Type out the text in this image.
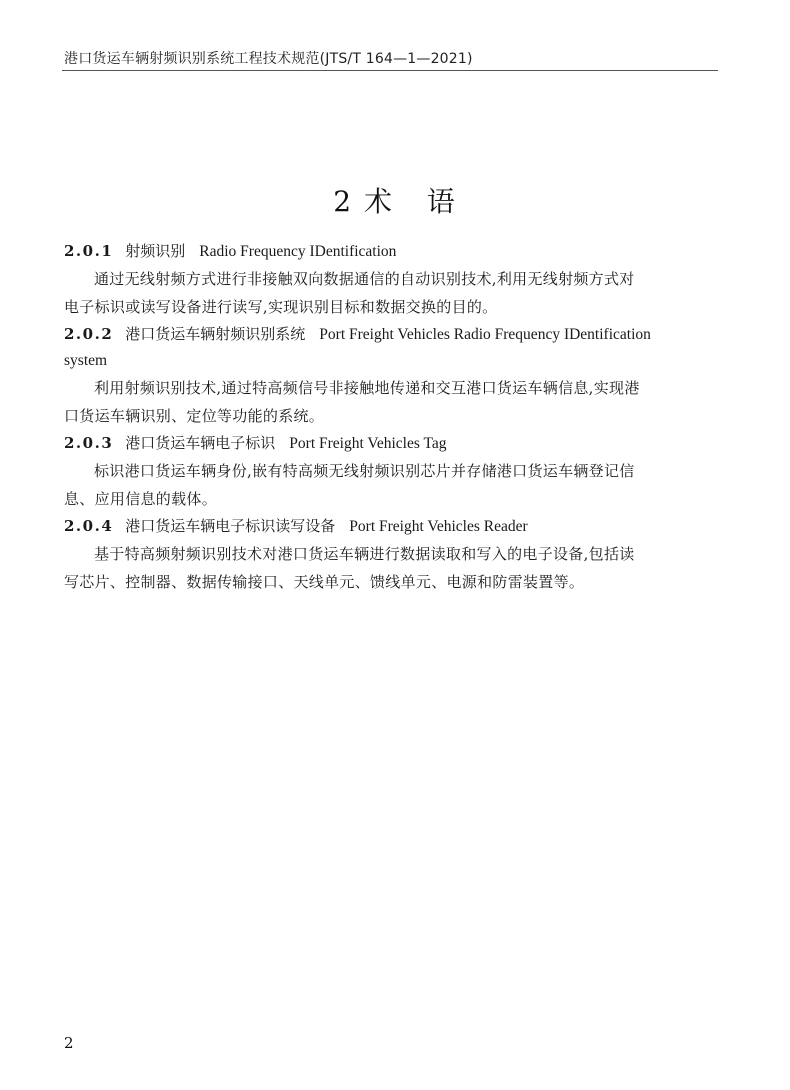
港口货运车辆射频识别系统工程技术规范(JTS/T 164—1—2021)
2 术   语
2.0.1 射频识别 Radio Frequency IDentification

通过无线射频方式进行非接触双向数据通信的自动识别技术,利用无线射频方式对
电子标识或读写设备进行读写,实现识别目标和数据交换的目的。

2.0.2 港口货运车辆射频识别系统 Port Freight Vehicles Radio Frequency IDentification
system

利用射频识别技术,通过特高频信号非接触地传递和交互港口货运车辆信息,实现港
口货运车辆识别、定位等功能的系统。

2.0.3 港口货运车辆电子标识 Port Freight Vehicles Tag

标识港口货运车辆身份,嵌有特高频无线射频识别芯片并存储港口货运车辆登记信
息、应用信息的载体。

2.0.4 港口货运车辆电子标识读写设备 Port Freight Vehicles Reader

基于特高频射频识别技术对港口货运车辆进行数据读取和写入的电子设备,包括读
写芯片、控制器、数据传输接口、天线单元、馈线单元、电源和防雷装置等。

2
